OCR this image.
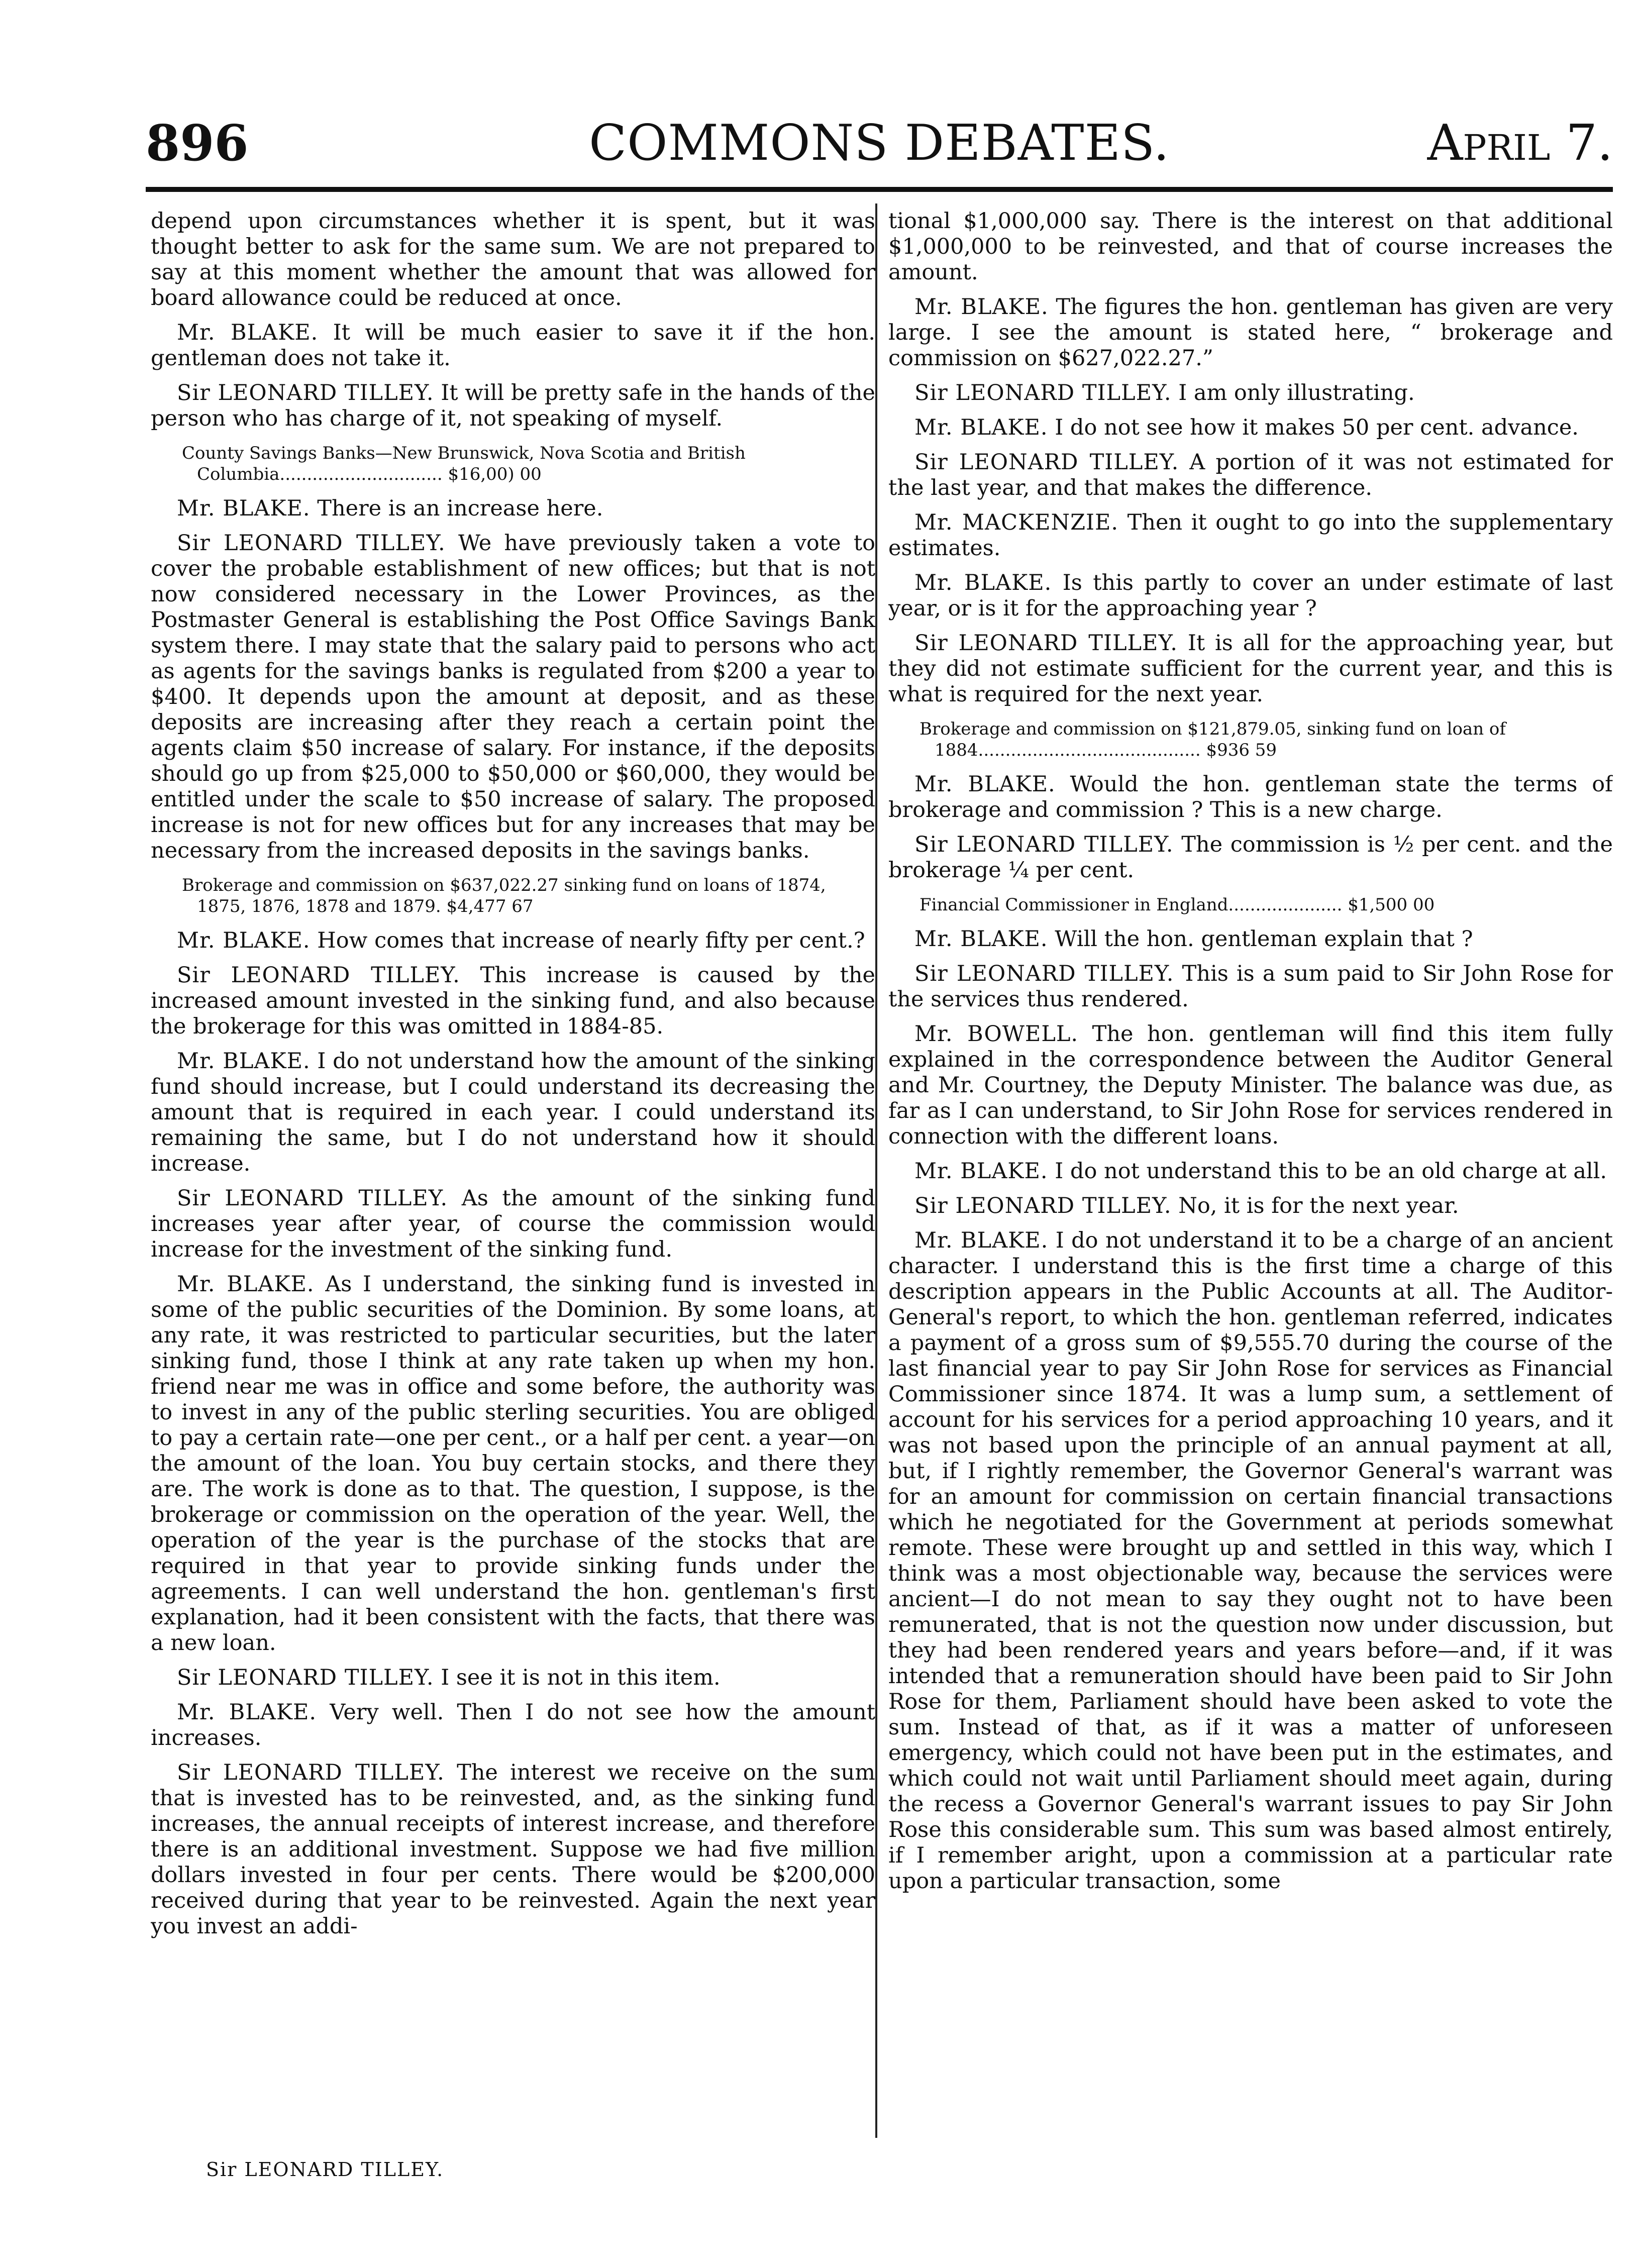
COMMONS DEBATES.
896	APRIL 7.

depend upon circumstances whether it is spent, but it was thought better to ask for the same sum. We are not prepared to say at this moment whether the amount that was allowed for board allowance could be reduced at once.

Mr. BLAKE. It will be much easier to save it if the hon. gentleman does not take it.

Sir LEONARD TILLEY. It will be pretty safe in the hands of the person who has charge of it, not speaking of myself.

County Savings Banks—New Brunswick, Nova Scotia and British Columbia.............................. $16,00) 00

Mr. BLAKE. There is an increase here.

Sir LEONARD TILLEY. We have previously taken a vote to cover the probable establishment of new offices; but that is not now considered necessary in the Lower Provinces, as the Postmaster General is establishing the Post Office Savings Bank system there. I may state that the salary paid to persons who act as agents for the savings banks is regulated from $200 a year to $400. It depends upon the amount at deposit, and as these deposits are increasing after they reach a certain point the agents claim $50 increase of salary. For instance, if the deposits should go up from $25,000 to $50,000 or $60,000, they would be entitled under the scale to $50 increase of salary. The proposed increase is not for new offices but for any increases that may be necessary from the increased deposits in the savings banks.

Brokerage and commission on $637,022.27 sinking fund on loans of 1874, 1875, 1876, 1878 and 1879. $4,477 67

Mr. BLAKE. How comes that increase of nearly fifty per cent.?

Sir LEONARD TILLEY. This increase is caused by the increased amount invested in the sinking fund, and also because the brokerage for this was omitted in 1884-85.

Mr. BLAKE. I do not understand how the amount of the sinking fund should increase, but I could understand its decreasing the amount that is required in each year. I could understand its remaining the same, but I do not understand how it should increase.

Sir LEONARD TILLEY. As the amount of the sinking fund increases year after year, of course the commission would increase for the investment of the sinking fund.

Mr. BLAKE. As I understand, the sinking fund is invested in some of the public securities of the Dominion. By some loans, at any rate, it was restricted to particular securities, but the later sinking fund, those I think at any rate taken up when my hon. friend near me was in office and some before, the authority was to invest in any of the public sterling securities. You are obliged to pay a certain rate—one per cent., or a half per cent. a year—on the amount of the loan. You buy certain stocks, and there they are. The work is done as to that. The question, I suppose, is the brokerage or commission on the operation of the year. Well, the operation of the year is the purchase of the stocks that are required in that year to provide sinking funds under the agreements. I can well understand the hon. gentleman's first explanation, had it been consistent with the facts, that there was a new loan.

Sir LEONARD TILLEY. I see it is not in this item.

Mr. BLAKE. Very well. Then I do not see how the amount increases.

Sir LEONARD TILLEY. The interest we receive on the sum that is invested has to be reinvested, and, as the sinking fund increases, the annual receipts of interest increase, and therefore there is an additional investment. Suppose we had five million dollars invested in four per cents. There would be $200,000 received during that year to be reinvested. Again the next year you invest an addi-

tional $1,000,000 say. There is the interest on that additional $1,000,000 to be reinvested, and that of course increases the amount.

Mr. BLAKE. The figures the hon. gentleman has given are very large. I see the amount is stated here, “ brokerage and commission on $627,022.27.”

Sir LEONARD TILLEY. I am only illustrating.

Mr. BLAKE. I do not see how it makes 50 per cent. advance.

Sir LEONARD TILLEY. A portion of it was not estimated for the last year, and that makes the difference.

Mr. MACKENZIE. Then it ought to go into the supplementary estimates.

Mr. BLAKE. Is this partly to cover an under estimate of last year, or is it for the approaching year ?

Sir LEONARD TILLEY. It is all for the approaching year, but they did not estimate sufficient for the current year, and this is what is required for the next year.

Brokerage and commission on $121,879.05, sinking fund on loan of 1884......................................... $936 59

Mr. BLAKE. Would the hon. gentleman state the terms of brokerage and commission ? This is a new charge.

Sir LEONARD TILLEY. The commission is ½ per cent. and the brokerage ¼ per cent.

Financial Commissioner in England..................... $1,500 00

Mr. BLAKE. Will the hon. gentleman explain that ?

Sir LEONARD TILLEY. This is a sum paid to Sir John Rose for the services thus rendered.

Mr. BOWELL. The hon. gentleman will find this item fully explained in the correspondence between the Auditor General and Mr. Courtney, the Deputy Minister. The balance was due, as far as I can understand, to Sir John Rose for services rendered in connection with the different loans.

Mr. BLAKE. I do not understand this to be an old charge at all.

Sir LEONARD TILLEY. No, it is for the next year.

Mr. BLAKE. I do not understand it to be a charge of an ancient character. I understand this is the first time a charge of this description appears in the Public Accounts at all. The Auditor-General's report, to which the hon. gentleman referred, indicates a payment of a gross sum of $9,555.70 during the course of the last financial year to pay Sir John Rose for services as Financial Commissioner since 1874. It was a lump sum, a settlement of account for his services for a period approaching 10 years, and it was not based upon the principle of an annual payment at all, but, if I rightly remember, the Governor General's warrant was for an amount for commission on certain financial transactions which he negotiated for the Government at periods somewhat remote. These were brought up and settled in this way, which I think was a most objectionable way, because the services were ancient—I do not mean to say they ought not to have been remunerated, that is not the question now under discussion, but they had been rendered years and years before—and, if it was intended that a remuneration should have been paid to Sir John Rose for them, Parliament should have been asked to vote the sum. Instead of that, as if it was a matter of unforeseen emergency, which could not have been put in the estimates, and which could not wait until Parliament should meet again, during the recess a Governor General's warrant issues to pay Sir John Rose this considerable sum. This sum was based almost entirely, if I remember aright, upon a commission at a particular rate upon a particular transaction, some

Sir LEONARD TILLEY.
